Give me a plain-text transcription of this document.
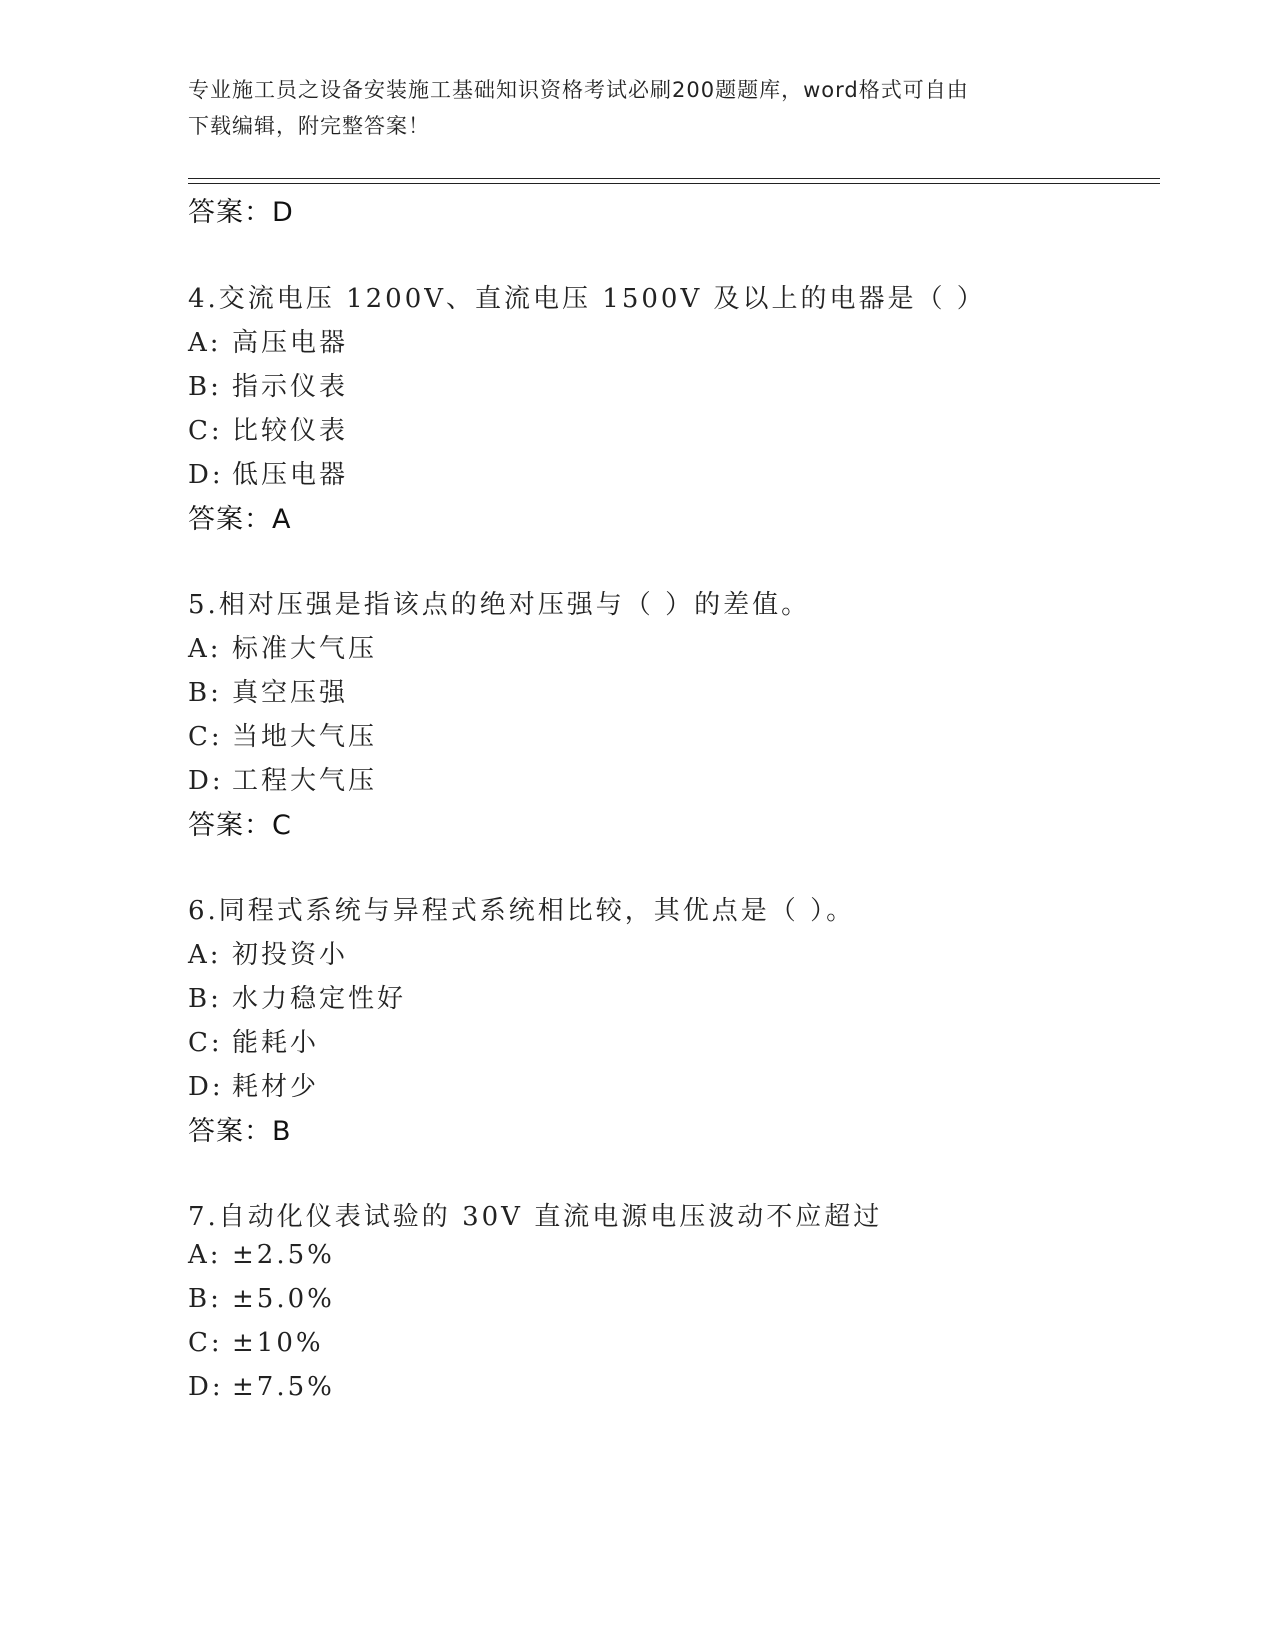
专业施工员之设备安装施工基础知识资格考试必刷200题题库，word格式可自由
下载编辑，附完整答案！
答案：D
4.交流电压 1200V、直流电压 1500V 及以上的电器是（ ）
A: 高压电器
B: 指示仪表
C: 比较仪表
D: 低压电器
答案：A
5.相对压强是指该点的绝对压强与（ ）的差值。
A: 标准大气压
B: 真空压强
C: 当地大气压
D: 工程大气压
答案：C
6.同程式系统与异程式系统相比较，其优点是（ ）。
A: 初投资小
B: 水力稳定性好
C: 能耗小
D: 耗材少
答案：B
7.自动化仪表试验的 30V 直流电源电压波动不应超过
A: ±2.5%
B: ±5.0%
C: ±10%
D: ±7.5%
